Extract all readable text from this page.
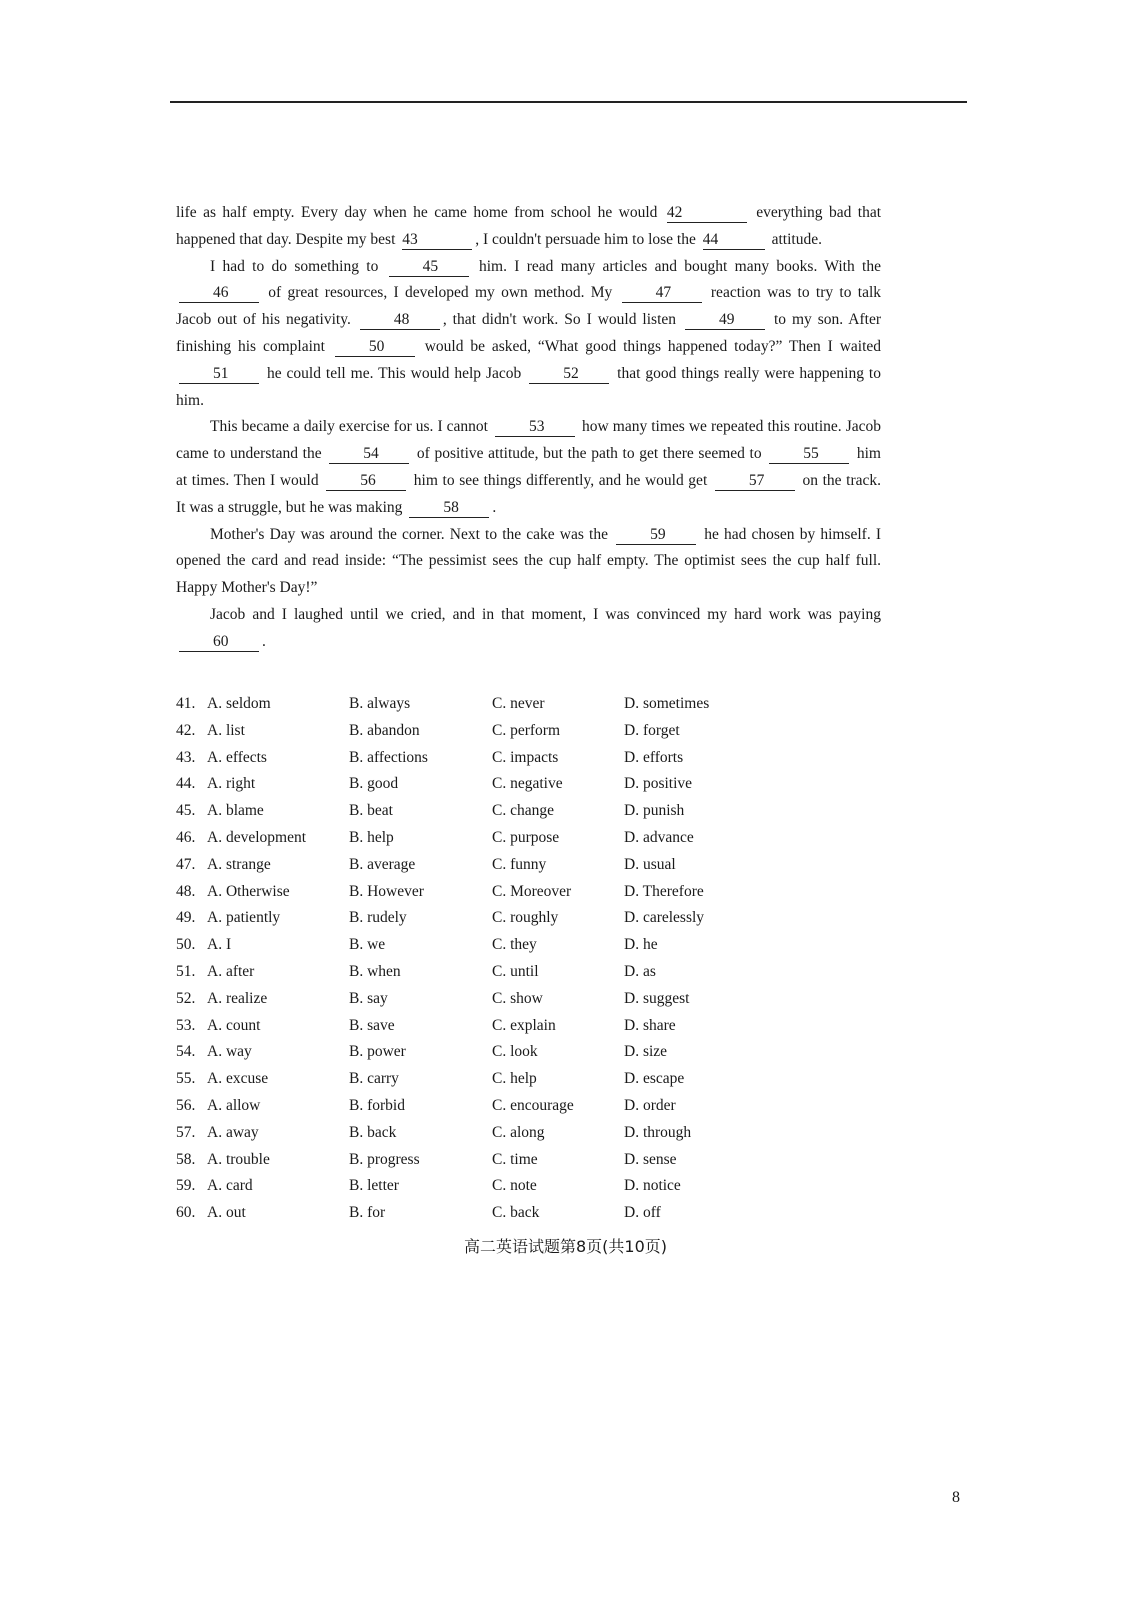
life as half empty. Every day when he came home from school he would 42	everything bad that happened that day. Despite my best 43	, I couldn't persuade him to lose the 44	attitude.

I had to do something to 45 him. I read many articles and bought many books. With the 46 of great resources, I developed my own method. My 47 reaction was to try to talk Jacob out of his negativity. 48 , that didn't work. So I would listen 49 to my son. After finishing his complaint 50 would be asked, “What good things happened today?” Then I waited 51 he could tell me. This would help Jacob 52 that good things really were happening to him.

This became a daily exercise for us. I cannot 53 how many times we repeated this routine. Jacob came to understand the 54 of positive attitude, but the path to get there seemed to 55 him at times. Then I would 56 him to see things differently, and he would get 57 on the track. It was a struggle, but he was making 58 .

Mother's Day was around the corner. Next to the cake was the 59 he had chosen by himself. I opened the card and read inside: “The pessimist sees the cup half empty. The optimist sees the cup half full. Happy Mother's Day!”

Jacob and I laughed until we cried, and in that moment, I was convinced my hard work was paying 60 .

41. A. seldom	B. always	C. never	D. sometimes
42. A. list	B. abandon	C. perform	D. forget
43. A. effects	B. affections	C. impacts	D. efforts
44. A. right	B. good	C. negative	D. positive
45. A. blame	B. beat	C. change	D. punish
46. A. development	B. help	C. purpose	D. advance
47. A. strange	B. average	C. funny	D. usual
48. A. Otherwise	B. However	C. Moreover	D. Therefore
49. A. patiently	B. rudely	C. roughly	D. carelessly
50. A. I	B. we	C. they	D. he
51. A. after	B. when	C. until	D. as
52. A. realize	B. say	C. show	D. suggest
53. A. count	B. save	C. explain	D. share
54. A. way	B. power	C. look	D. size
55. A. excuse	B. carry	C. help	D. escape
56. A. allow	B. forbid	C. encourage	D. order
57. A. away	B. back	C. along	D. through
58. A. trouble	B. progress	C. time	D. sense
59. A. card	B. letter	C. note	D. notice
60. A. out	B. for	C. back	D. off
高二英语试题第8页(共10页)
8
